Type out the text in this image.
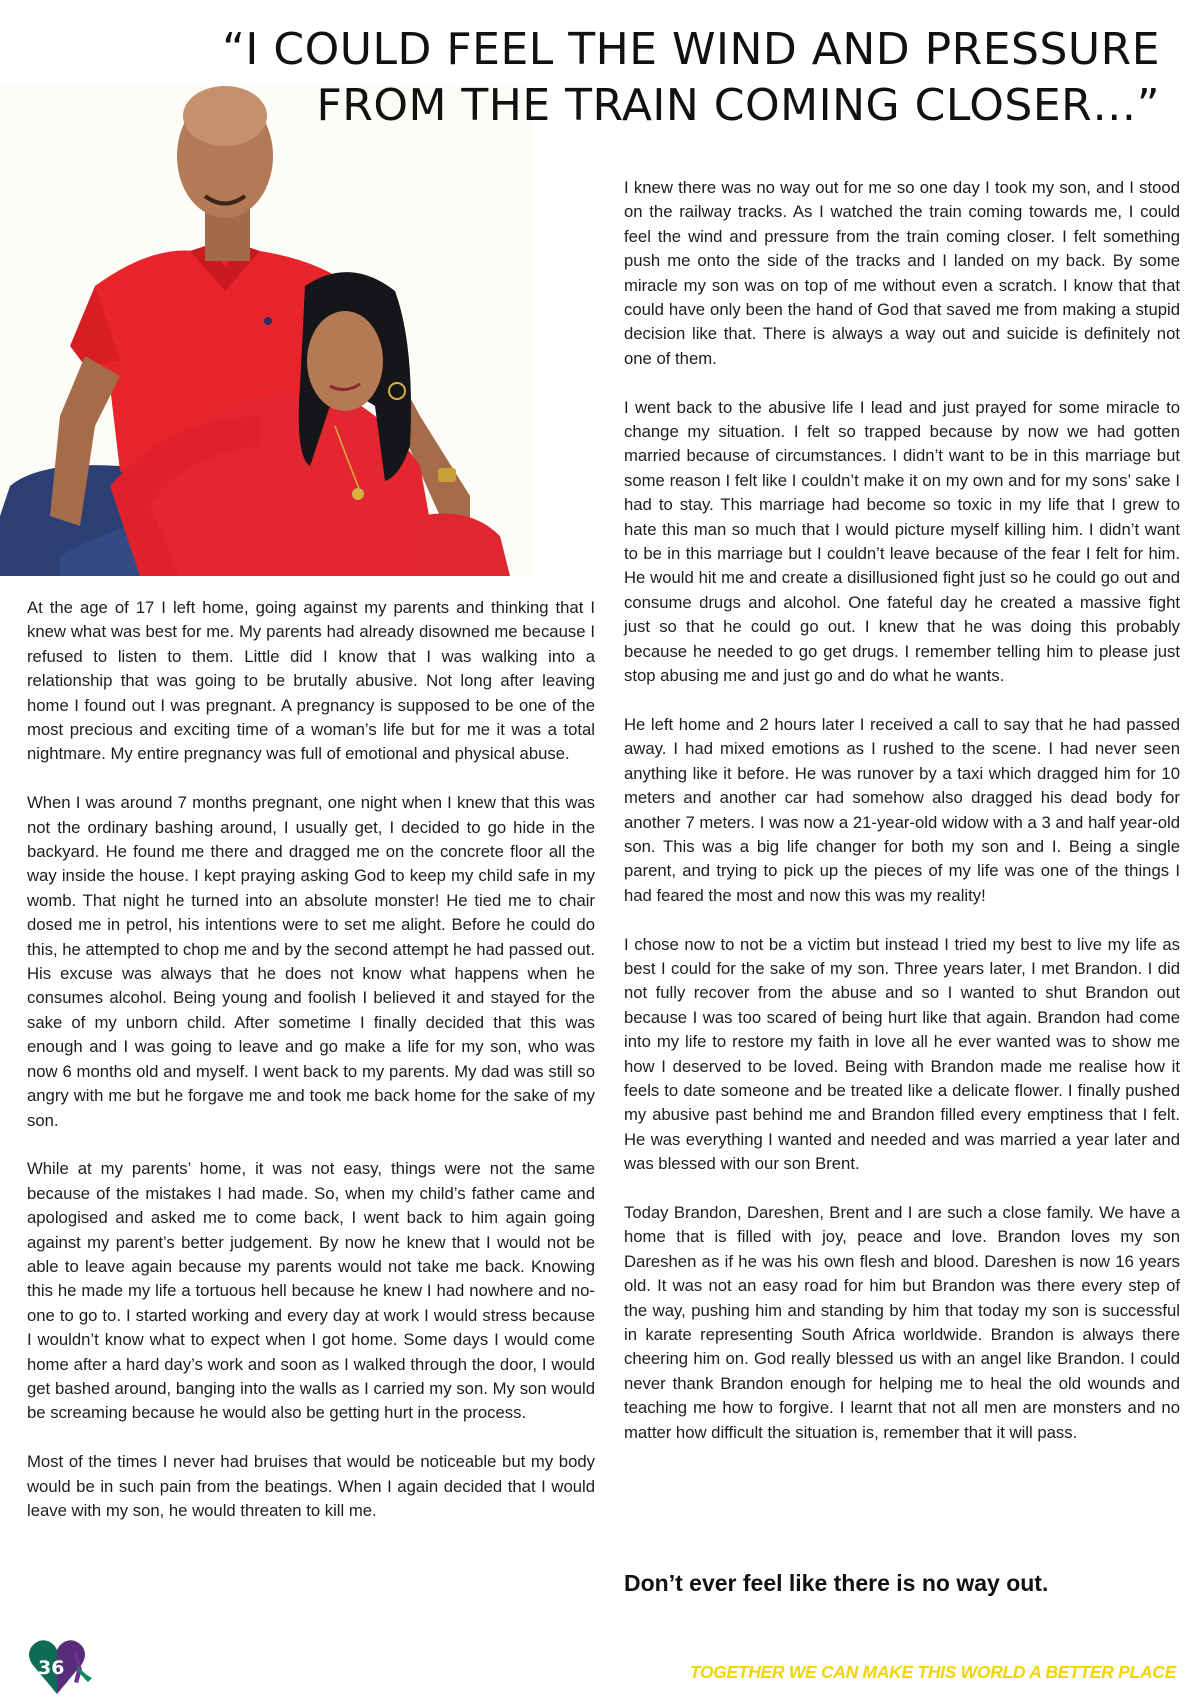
“I COULD FEEL THE WIND AND PRESSURE
FROM THE TRAIN COMING CLOSER…”

At the age of 17 I left home, going against my parents and thinking that I knew what was best for me. My parents had already disowned me because I refused to listen to them. Little did I know that I was walking into a relationship that was going to be brutally abusive. Not long after leaving home I found out I was pregnant. A pregnancy is supposed to be one of the most precious and exciting time of a woman’s life but for me it was a total nightmare. My entire pregnancy was full of emotional and physical abuse.

When I was around 7 months pregnant, one night when I knew that this was not the ordinary bashing around, I usually get, I decided to go hide in the backyard. He found me there and dragged me on the concrete floor all the way inside the house. I kept praying asking God to keep my child safe in my womb. That night he turned into an absolute monster! He tied me to chair dosed me in petrol, his intentions were to set me alight. Before he could do this, he attempted to chop me and by the second attempt he had passed out. His excuse was always that he does not know what happens when he consumes alcohol. Being young and foolish I believed it and stayed for the sake of my unborn child. After sometime I finally decided that this was enough and I was going to leave and go make a life for my son, who was now 6 months old and myself. I went back to my parents. My dad was still so angry with me but he forgave me and took me back home for the sake of my son.

While at my parents’ home, it was not easy, things were not the same because of the mistakes I had made. So, when my child’s father came and apologised and asked me to come back, I went back to him again going against my parent’s better judgement. By now he knew that I would not be able to leave again because my parents would not take me back. Knowing this he made my life a tortuous hell because he knew I had nowhere and no-one to go to. I started working and every day at work I would stress because I wouldn’t know what to expect when I got home. Some days I would come home after a hard day’s work and soon as I walked through the door, I would get bashed around, banging into the walls as I carried my son. My son would be screaming because he would also be getting hurt in the process.

Most of the times I never had bruises that would be noticeable but my body would be in such pain from the beatings. When I again decided that I would leave with my son, he would threaten to kill me.

I knew there was no way out for me so one day I took my son, and I stood on the railway tracks. As I watched the train coming towards me, I could feel the wind and pressure from the train coming closer. I felt something push me onto the side of the tracks and I landed on my back. By some miracle my son was on top of me without even a scratch. I know that that could have only been the hand of God that saved me from making a stupid decision like that. There is always a way out and suicide is definitely not one of them.

I went back to the abusive life I lead and just prayed for some miracle to change my situation. I felt so trapped because by now we had gotten married because of circumstances. I didn’t want to be in this marriage but some reason I felt like I couldn’t make it on my own and for my sons’ sake I had to stay. This marriage had become so toxic in my life that I grew to hate this man so much that I would picture myself killing him. I didn’t want to be in this marriage but I couldn’t leave because of the fear I felt for him. He would hit me and create a disillusioned fight just so he could go out and consume drugs and alcohol. One fateful day he created a massive fight just so that he could go out. I knew that he was doing this probably because he needed to go get drugs. I remember telling him to please just stop abusing me and just go and do what he wants.

He left home and 2 hours later I received a call to say that he had passed away. I had mixed emotions as I rushed to the scene. I had never seen anything like it before. He was runover by a taxi which dragged him for 10 meters and another car had somehow also dragged his dead body for another 7 meters. I was now a 21-year-old widow with a 3 and half year-old son. This was a big life changer for both my son and I. Being a single parent, and trying to pick up the pieces of my life was one of the things I had feared the most and now this was my reality!

I chose now to not be a victim but instead I tried my best to live my life as best I could for the sake of my son. Three years later, I met Brandon. I did not fully recover from the abuse and so I wanted to shut Brandon out because I was too scared of being hurt like that again. Brandon had come into my life to restore my faith in love all he ever wanted was to show me how I deserved to be loved. Being with Brandon made me realise how it feels to date someone and be treated like a delicate flower. I finally pushed my abusive past behind me and Brandon filled every emptiness that I felt. He was everything I wanted and needed and was married a year later and was blessed with our son Brent.

Today Brandon, Dareshen, Brent and I are such a close family. We have a home that is filled with joy, peace and love. Brandon loves my son Dareshen as if he was his own flesh and blood. Dareshen is now 16 years old. It was not an easy road for him but Brandon was there every step of the way, pushing him and standing by him that today my son is successful in karate representing South Africa worldwide. Brandon is always there cheering him on. God really blessed us with an angel like Brandon. I could never thank Brandon enough for helping me to heal the old wounds and teaching me how to forgive. I learnt that not all men are monsters and no matter how difficult the situation is, remember that it will pass.

Don’t ever feel like there is no way out.
36	TOGETHER WE CAN MAKE THIS WORLD A BETTER PLACE
